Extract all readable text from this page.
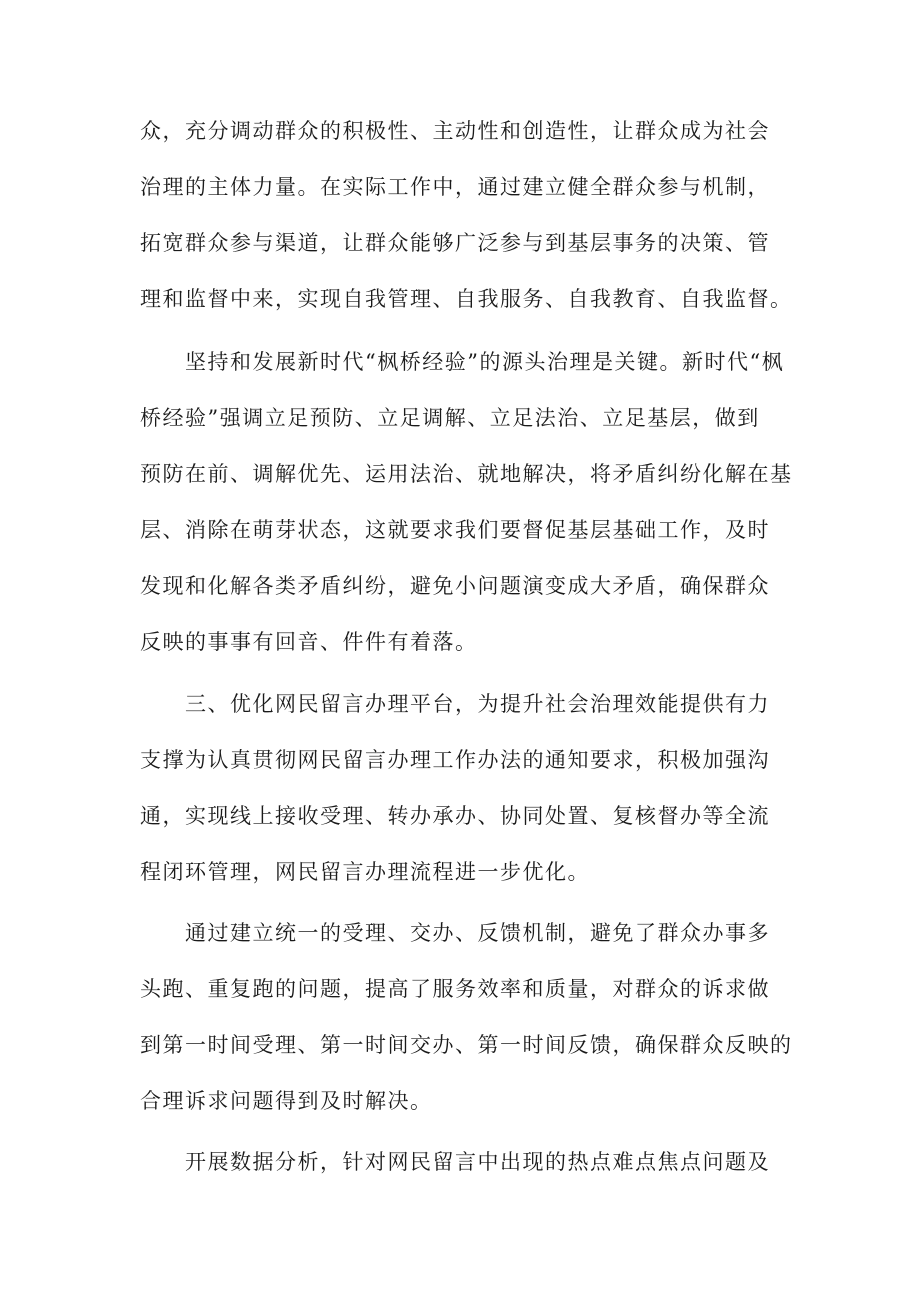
众，充分调动群众的积极性、主动性和创造性，让群众成为社会
治理的主体力量。在实际工作中，通过建立健全群众参与机制，
拓宽群众参与渠道，让群众能够广泛参与到基层事务的决策、管
理和监督中来，实现自我管理、自我服务、自我教育、自我监督。
坚持和发展新时代“枫桥经验”的源头治理是关键。新时代“枫
桥经验”强调立足预防、立足调解、立足法治、立足基层，做到
预防在前、调解优先、运用法治、就地解决，将矛盾纠纷化解在基
层、消除在萌芽状态，这就要求我们要督促基层基础工作，及时
发现和化解各类矛盾纠纷，避免小问题演变成大矛盾，确保群众
反映的事事有回音、件件有着落。
三、优化网民留言办理平台，为提升社会治理效能提供有力
支撑为认真贯彻网民留言办理工作办法的通知要求，积极加强沟
通，实现线上接收受理、转办承办、协同处置、复核督办等全流
程闭环管理，网民留言办理流程进一步优化。
通过建立统一的受理、交办、反馈机制，避免了群众办事多
头跑、重复跑的问题，提高了服务效率和质量，对群众的诉求做
到第一时间受理、第一时间交办、第一时间反馈，确保群众反映的
合理诉求问题得到及时解决。
开展数据分析，针对网民留言中出现的热点难点焦点问题及
